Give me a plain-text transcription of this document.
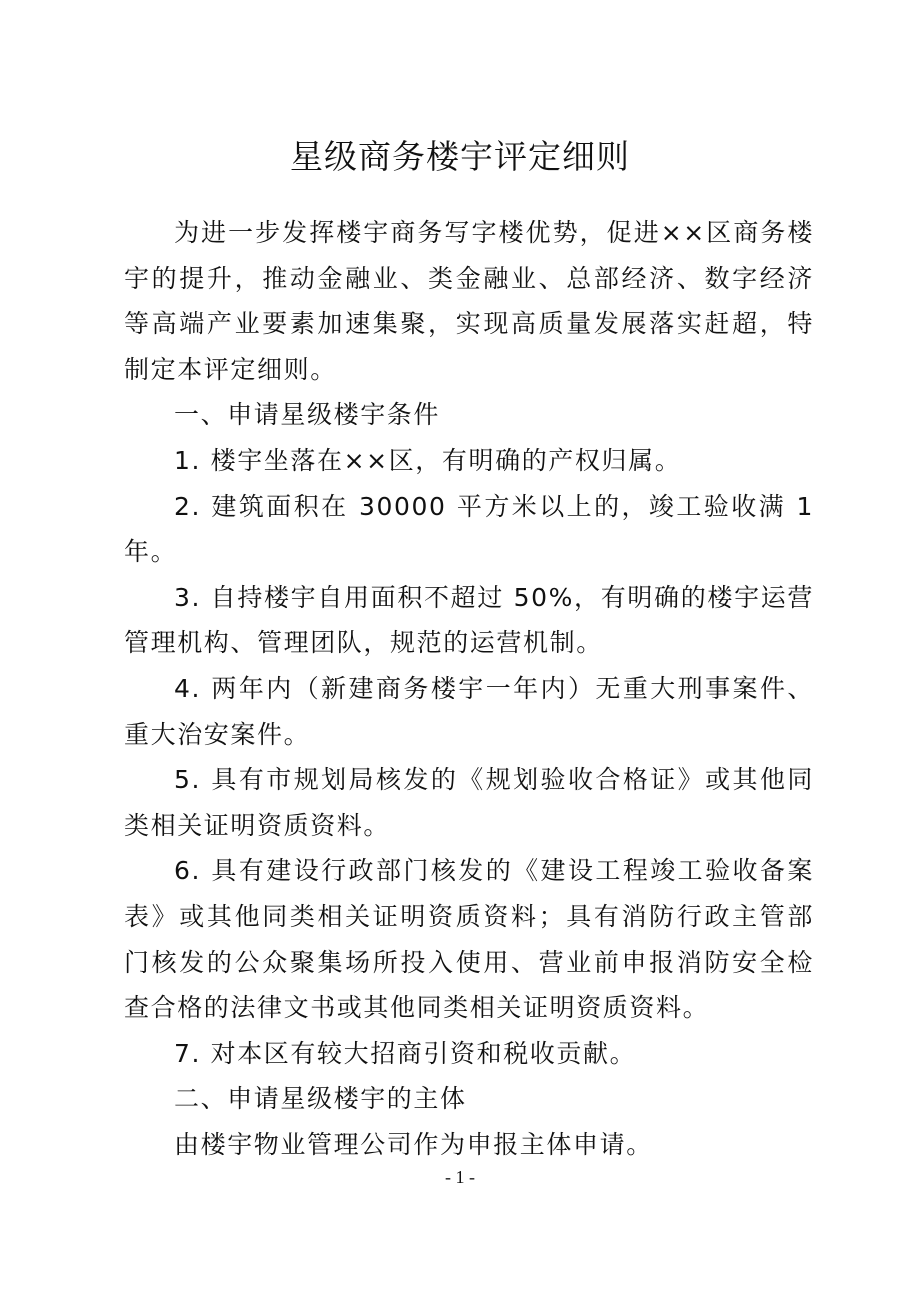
星级商务楼宇评定细则

为进一步发挥楼宇商务写字楼优势，促进××区商务楼宇的提升，推动金融业、类金融业、总部经济、数字经济等高端产业要素加速集聚，实现高质量发展落实赶超，特制定本评定细则。

一、申请星级楼宇条件

1. 楼宇坐落在××区，有明确的产权归属。

2. 建筑面积在 30000 平方米以上的，竣工验收满 1 年。

3. 自持楼宇自用面积不超过 50%，有明确的楼宇运营管理机构、管理团队，规范的运营机制。

4. 两年内（新建商务楼宇一年内）无重大刑事案件、重大治安案件。

5. 具有市规划局核发的《规划验收合格证》或其他同类相关证明资质资料。

6. 具有建设行政部门核发的《建设工程竣工验收备案表》或其他同类相关证明资质资料；具有消防行政主管部门核发的公众聚集场所投入使用、营业前申报消防安全检查合格的法律文书或其他同类相关证明资质资料。

7. 对本区有较大招商引资和税收贡献。

二、申请星级楼宇的主体

由楼宇物业管理公司作为申报主体申请。

- 1 -
